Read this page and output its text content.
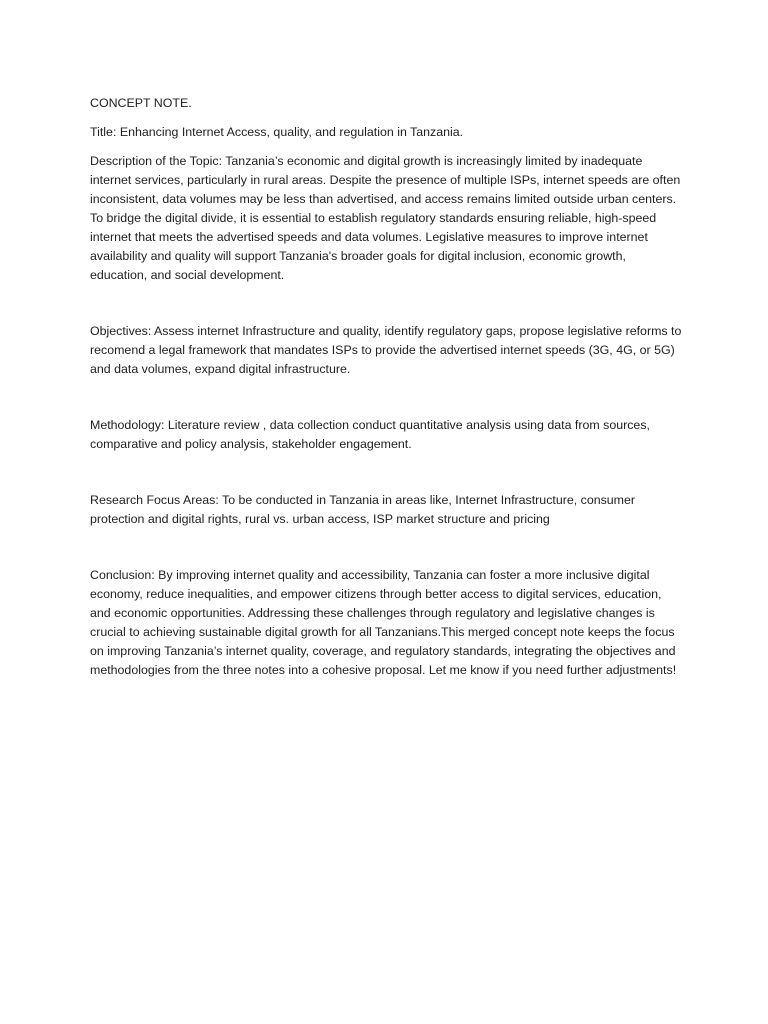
CONCEPT NOTE.

Title: Enhancing Internet Access, quality, and regulation in Tanzania.

Description of the Topic: Tanzania’s economic and digital growth is increasingly limited by inadequate internet services, particularly in rural areas. Despite the presence of multiple ISPs, internet speeds are often inconsistent, data volumes may be less than advertised, and access remains limited outside urban centers. To bridge the digital divide, it is essential to establish regulatory standards ensuring reliable, high-speed internet that meets the advertised speeds and data volumes. Legislative measures to improve internet availability and quality will support Tanzania's broader goals for digital inclusion, economic growth, education, and social development.

Objectives: Assess internet Infrastructure and quality, identify regulatory gaps, propose legislative reforms to recomend a legal framework that mandates ISPs to provide the advertised internet speeds (3G, 4G, or 5G) and data volumes, expand digital infrastructure.

Methodology: Literature review , data collection conduct quantitative analysis using data from sources, comparative and policy analysis, stakeholder engagement.

Research Focus Areas: To be conducted in Tanzania in areas like, Internet Infrastructure, consumer protection and digital rights, rural vs. urban access, ISP market structure and pricing

Conclusion: By improving internet quality and accessibility, Tanzania can foster a more inclusive digital economy, reduce inequalities, and empower citizens through better access to digital services, education, and economic opportunities. Addressing these challenges through regulatory and legislative changes is crucial to achieving sustainable digital growth for all Tanzanians.This merged concept note keeps the focus on improving Tanzania’s internet quality, coverage, and regulatory standards, integrating the objectives and methodologies from the three notes into a cohesive proposal. Let me know if you need further adjustments!
